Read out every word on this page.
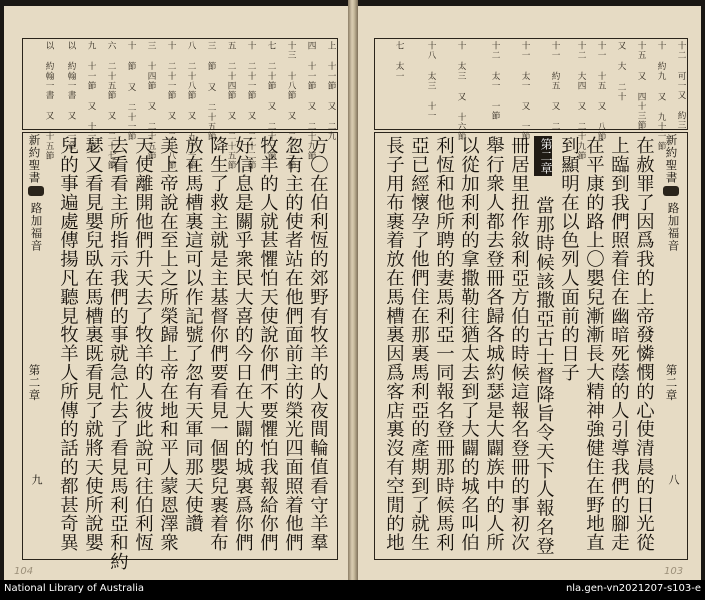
上 十一節 又 二九
四 十一節 又 二十九節
十三 十八節 又 二十三節
七 二十節 又 二十一節
十 二十一節 又 二十二節
五 二十四節 又 二十五節
三 節 又 二十五節
八 二十八節 又 五十一節
十 二十一節 又 二十八節
三 十四節 又 二十五節
十 節 又 二十一節
六 二十五節 又 二十七節
九 十一節 又 十一節
以 約翰一書 又 一章
以 約翰一書 又 十五節
新約聖書
路加福音
第二章
九	方〇在伯利恆的郊野有牧羊的人夜間輪值看守羊羣
忽有主的使者站在他們面前主的榮光四面照着他們
牧羊的人就甚懼怕天使說你們不要懼怕我報給你們
好信息是關乎衆民大喜的今日在大闢的城裏爲你們
降生了救主就是主基督你們要看見一個嬰兒裹着布
放在馬槽裏這可以作記號了忽有天軍同那天使讚
美上帝說在至上之所榮歸上帝在地和平人蒙恩澤衆
天使離開他們升天去了牧羊的人彼此說可往伯利恆
去看看主所指示我們的事就急忙去了看見馬利亞和約
瑟又看見嬰兒臥在馬槽裏既看見了就將天使所說嬰
兒的事遍處傳揚凡聽見牧羊人所傳的話的都甚奇異
十二 可一又 約三
十 約九 又 九十一節
十五 又 四十三節
又 大 二十
十一 十五 又 八節
十二 大四 又 二十九節
十一 約五 又 二
十一 太一 又 一節
十二 太一 一節
十 太三 又 十六節
十八 太三 十一
七 太一
新約聖書
路加福音
第二章
八
在赦罪了因爲我的上帝發憐憫的心使清晨的日光從
上臨到我們照着住在幽暗死蔭的人引導我們的腳走
在平康的路上〇嬰兒漸漸長大精神強健住在野地直
到顯明在以色列人面前的日子
第二章
當那時候該撒亞古士督降旨令天下人報名登
冊居里扭作敘利亞方伯的時候這報名登冊的事初次
舉行衆人都去登冊各歸各城約瑟是大闢族中的人所
以從加利利的拿撒勒往猶太去到了大闢的城名叫伯
利恆和他所聘的妻馬利亞一同報名登冊那時候馬利
亞已經懷孕了他們住在那裏馬利亞的產期到了就生
長子用布裹着放在馬槽裏因爲客店裏沒有空閒的地
104	103
National Library of Australia	nla.gen-vn2021207-s103-e
